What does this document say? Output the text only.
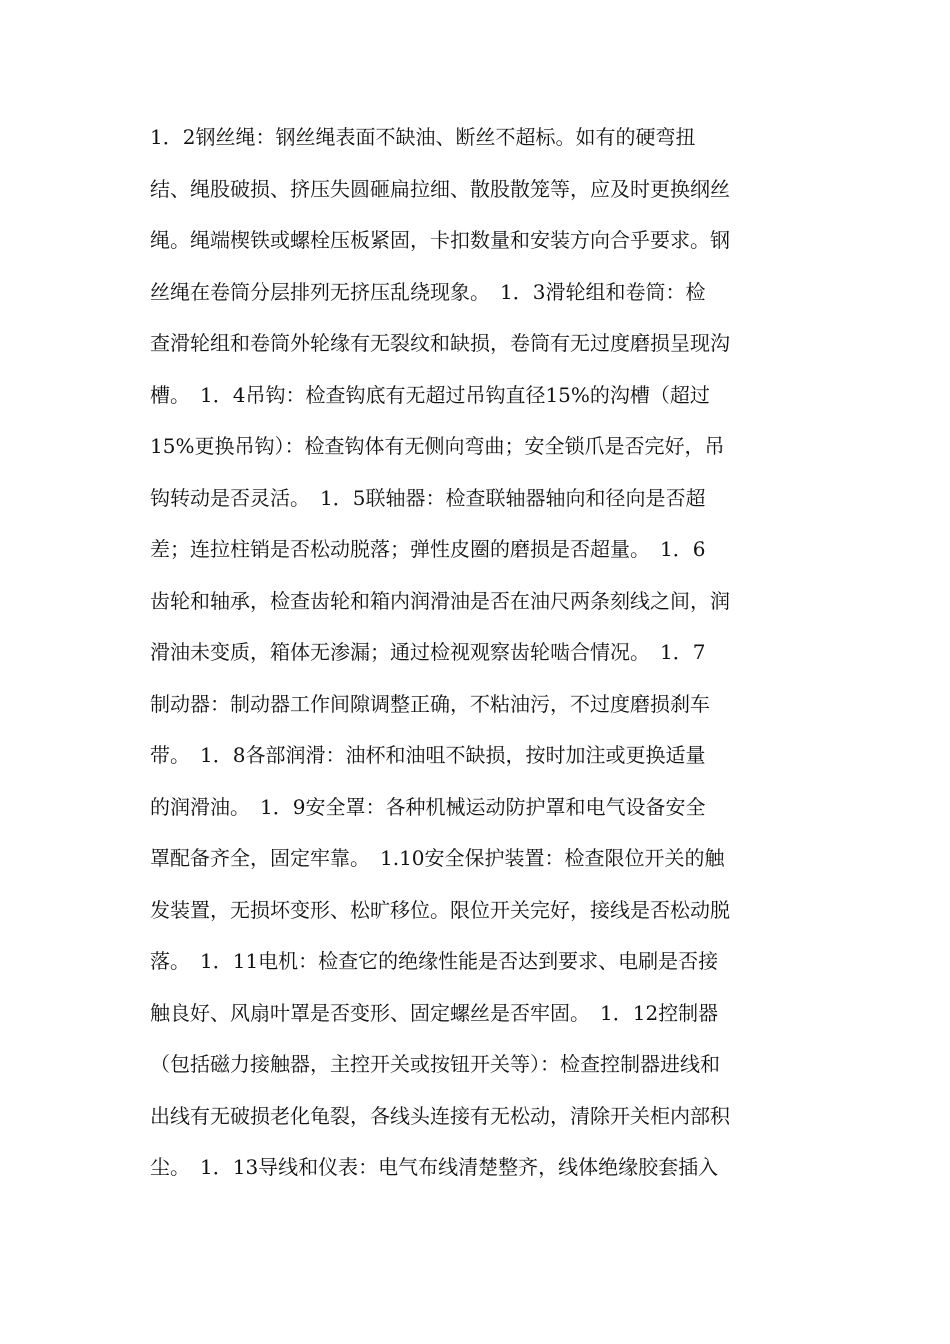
1．2钢丝绳：钢丝绳表面不缺油、断丝不超标。如有的硬弯扭
结、绳股破损、挤压失圆砸扁拉细、散股散笼等，应及时更换纲丝
绳。绳端楔铁或螺栓压板紧固，卡扣数量和安装方向合乎要求。钢
丝绳在卷筒分层排列无挤压乱绕现象。　1．3滑轮组和卷筒：检
查滑轮组和卷筒外轮缘有无裂纹和缺损，卷筒有无过度磨损呈现沟
槽。　1．4吊钩：检查钩底有无超过吊钩直径15%的沟槽（超过
15%更换吊钩）：检查钩体有无侧向弯曲；安全锁爪是否完好，吊
钩转动是否灵活。　1．5联轴器：检查联轴器轴向和径向是否超
差；连拉柱销是否松动脱落；弹性皮圈的磨损是否超量。　1．6
齿轮和轴承，检查齿轮和箱内润滑油是否在油尺两条刻线之间，润
滑油未变质，箱体无渗漏；通过检视观察齿轮啮合情况。　1．7
制动器：制动器工作间隙调整正确，不粘油污，不过度磨损刹车
带。　1．8各部润滑：油杯和油咀不缺损，按时加注或更换适量
的润滑油。　1．9安全罩：各种机械运动防护罩和电气设备安全
罩配备齐全，固定牢靠。　1.10安全保护装置：检查限位开关的触
发装置，无损坏变形、松旷移位。限位开关完好，接线是否松动脱
落。　1．11电机：检查它的绝缘性能是否达到要求、电刷是否接
触良好、风扇叶罩是否变形、固定螺丝是否牢固。　1．12控制器
（包括磁力接触器，主控开关或按钮开关等）：检查控制器进线和
出线有无破损老化龟裂，各线头连接有无松动，清除开关柜内部积
尘。　1．13导线和仪表：电气布线清楚整齐，线体绝缘胶套插入
